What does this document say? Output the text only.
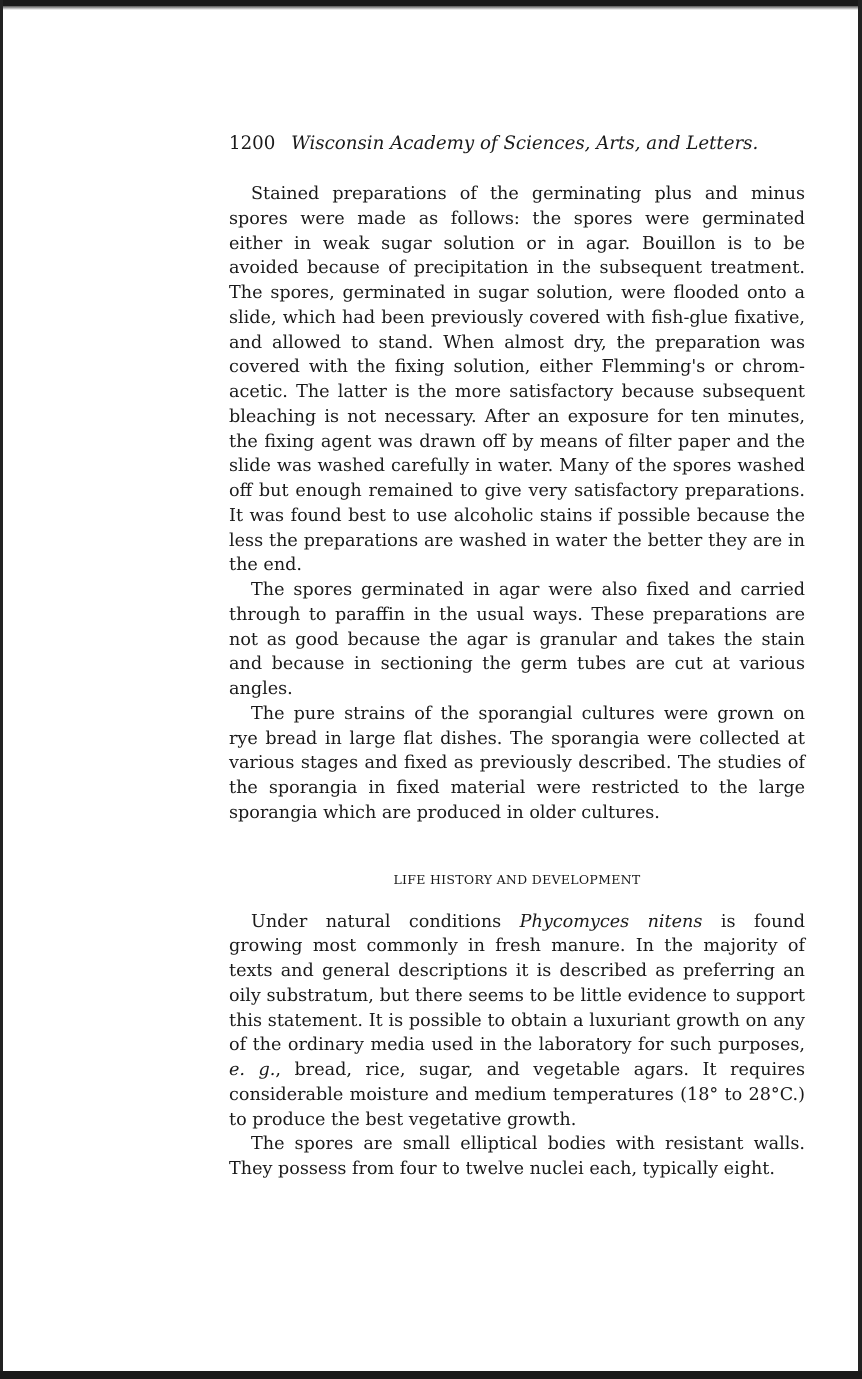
1200 Wisconsin Academy of Sciences, Arts, and Letters.

Stained preparations of the germinating plus and minus spores were made as follows: the spores were germinated either in weak sugar solution or in agar. Bouillon is to be avoided because of precipitation in the subsequent treatment. The spores, germinated in sugar solution, were flooded onto a slide, which had been previously covered with fish-glue fixative, and allowed to stand. When almost dry, the preparation was covered with the fixing solution, either Flemming's or chrom-acetic. The latter is the more satisfactory because subsequent bleaching is not necessary. After an exposure for ten minutes, the fixing agent was drawn off by means of filter paper and the slide was washed carefully in water. Many of the spores washed off but enough remained to give very satisfactory preparations. It was found best to use alcoholic stains if possible because the less the preparations are washed in water the better they are in the end.

The spores germinated in agar were also fixed and carried through to paraffin in the usual ways. These preparations are not as good because the agar is granular and takes the stain and because in sectioning the germ tubes are cut at various angles.

The pure strains of the sporangial cultures were grown on rye bread in large flat dishes. The sporangia were collected at various stages and fixed as previously described. The studies of the sporangia in fixed material were restricted to the large sporangia which are produced in older cultures.

LIFE HISTORY AND DEVELOPMENT

Under natural conditions Phycomyces nitens is found growing most commonly in fresh manure. In the majority of texts and general descriptions it is described as preferring an oily substratum, but there seems to be little evidence to support this statement. It is possible to obtain a luxuriant growth on any of the ordinary media used in the laboratory for such purposes, e. g., bread, rice, sugar, and vegetable agars. It requires considerable moisture and medium temperatures (18° to 28°C.) to produce the best vegetative growth.

The spores are small elliptical bodies with resistant walls. They possess from four to twelve nuclei each, typically eight.
